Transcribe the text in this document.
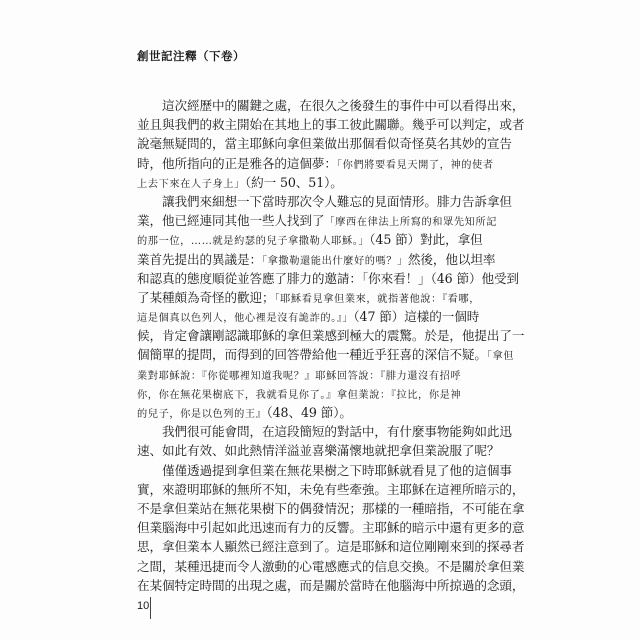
創世記注釋（下卷）
這次經歷中的關鍵之處，在很久之後發生的事件中可以看得出來，
並且與我們的救主開始在其地上的事工彼此關聯。幾乎可以判定，或者
說毫無疑問的，當主耶穌向拿但業做出那個看似奇怪莫名其妙的宣告
時，他所指向的正是雅各的這個夢：「你們將要看見天開了，神的使者
上去下來在人子身上」（約一 50、51）。
讓我們來細想一下當時那次令人難忘的見面情形。腓力告訴拿但
業，他已經連同其他一些人找到了「摩西在律法上所寫的和眾先知所記
的那一位，……就是約瑟的兒子拿撒勒人耶穌。」（45 節）對此，拿但
業首先提出的異議是：「拿撒勒還能出什麼好的嗎？」然後，他以坦率
和認真的態度順從並答應了腓力的邀請：「你來看！」（46 節）他受到
了某種頗為奇怪的歡迎；「耶穌看見拿但業來，就指著他說：『看哪，
這是個真以色列人，他心裡是沒有詭詐的。』」（47 節）這樣的一個時
候，肯定會讓剛認識耶穌的拿但業感到極大的震驚。於是，他提出了一
個簡單的提問，而得到的回答帶給他一種近乎狂喜的深信不疑。「拿但
業對耶穌說：『你從哪裡知道我呢？』耶穌回答說：『腓力還沒有招呼
你，你在無花果樹底下，我就看見你了。』拿但業說：『拉比，你是神
的兒子，你是以色列的王』（48、49 節）。
我們很可能會問，在這段簡短的對話中，有什麼事物能夠如此迅
速、如此有效、如此熱情洋溢並喜樂滿懷地就把拿但業說服了呢？
僅僅透過提到拿但業在無花果樹之下時耶穌就看見了他的這個事
實，來證明耶穌的無所不知，未免有些牽強。主耶穌在這裡所暗示的，
不是拿但業站在無花果樹下的偶發情況；那樣的一種暗指，不可能在拿
但業腦海中引起如此迅速而有力的反響。主耶穌的暗示中還有更多的意
思，拿但業本人顯然已經注意到了。這是耶穌和這位剛剛來到的探尋者
之間，某種迅捷而令人激動的心電感應式的信息交換。不是關於拿但業
在某個特定時間的出現之處，而是關於當時在他腦海中所掠過的念頭，
10
